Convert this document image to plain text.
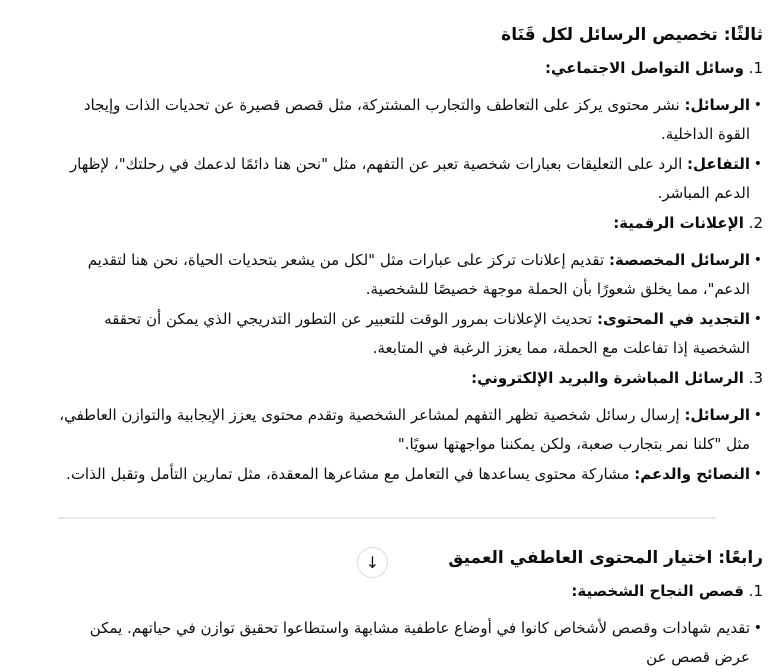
ثالثًا: تخصيص الرسائل لكل قَنَاة
1. وسائل التواصل الاجتماعي:
•
الرسائل: نشر محتوى يركز على التعاطف والتجارب المشتركة، مثل قصص قصيرة عن تحديات الذات وإيجاد القوة الداخلية.
•
التفاعل: الرد على التعليقات بعبارات شخصية تعبر عن التفهم، مثل "نحن هنا دائمًا لدعمك في رحلتك"، لإظهار الدعم المباشر.
2. الإعلانات الرقمية:
•
الرسائل المخصصة: تقديم إعلانات تركز على عبارات مثل "لكل من يشعر بتحديات الحياة، نحن هنا لتقديم الدعم"، مما يخلق شعورًا بأن الحملة موجهة خصيصًا للشخصية.
•
التجديد في المحتوى: تحديث الإعلانات بمرور الوقت للتعبير عن التطور التدريجي الذي يمكن أن تحققه الشخصية إذا تفاعلت مع الحملة، مما يعزز الرغبة في المتابعة.
3. الرسائل المباشرة والبريد الإلكتروني:
•
الرسائل: إرسال رسائل شخصية تظهر التفهم لمشاعر الشخصية وتقدم محتوى يعزز الإيجابية والتوازن العاطفي، مثل "كلنا نمر بتجارب صعبة، ولكن يمكننا مواجهتها سويًا."
•
النصائح والدعم: مشاركة محتوى يساعدها في التعامل مع مشاعرها المعقدة، مثل تمارين التأمل وتقبل الذات.
رابعًا: اختيار المحتوى العاطفي العميق
1. قصص النجاح الشخصية:
•
تقديم شهادات وقصص لأشخاص كانوا في أوضاع عاطفية مشابهة واستطاعوا تحقيق توازن في حياتهم. يمكن عرض قصص عن
↓
